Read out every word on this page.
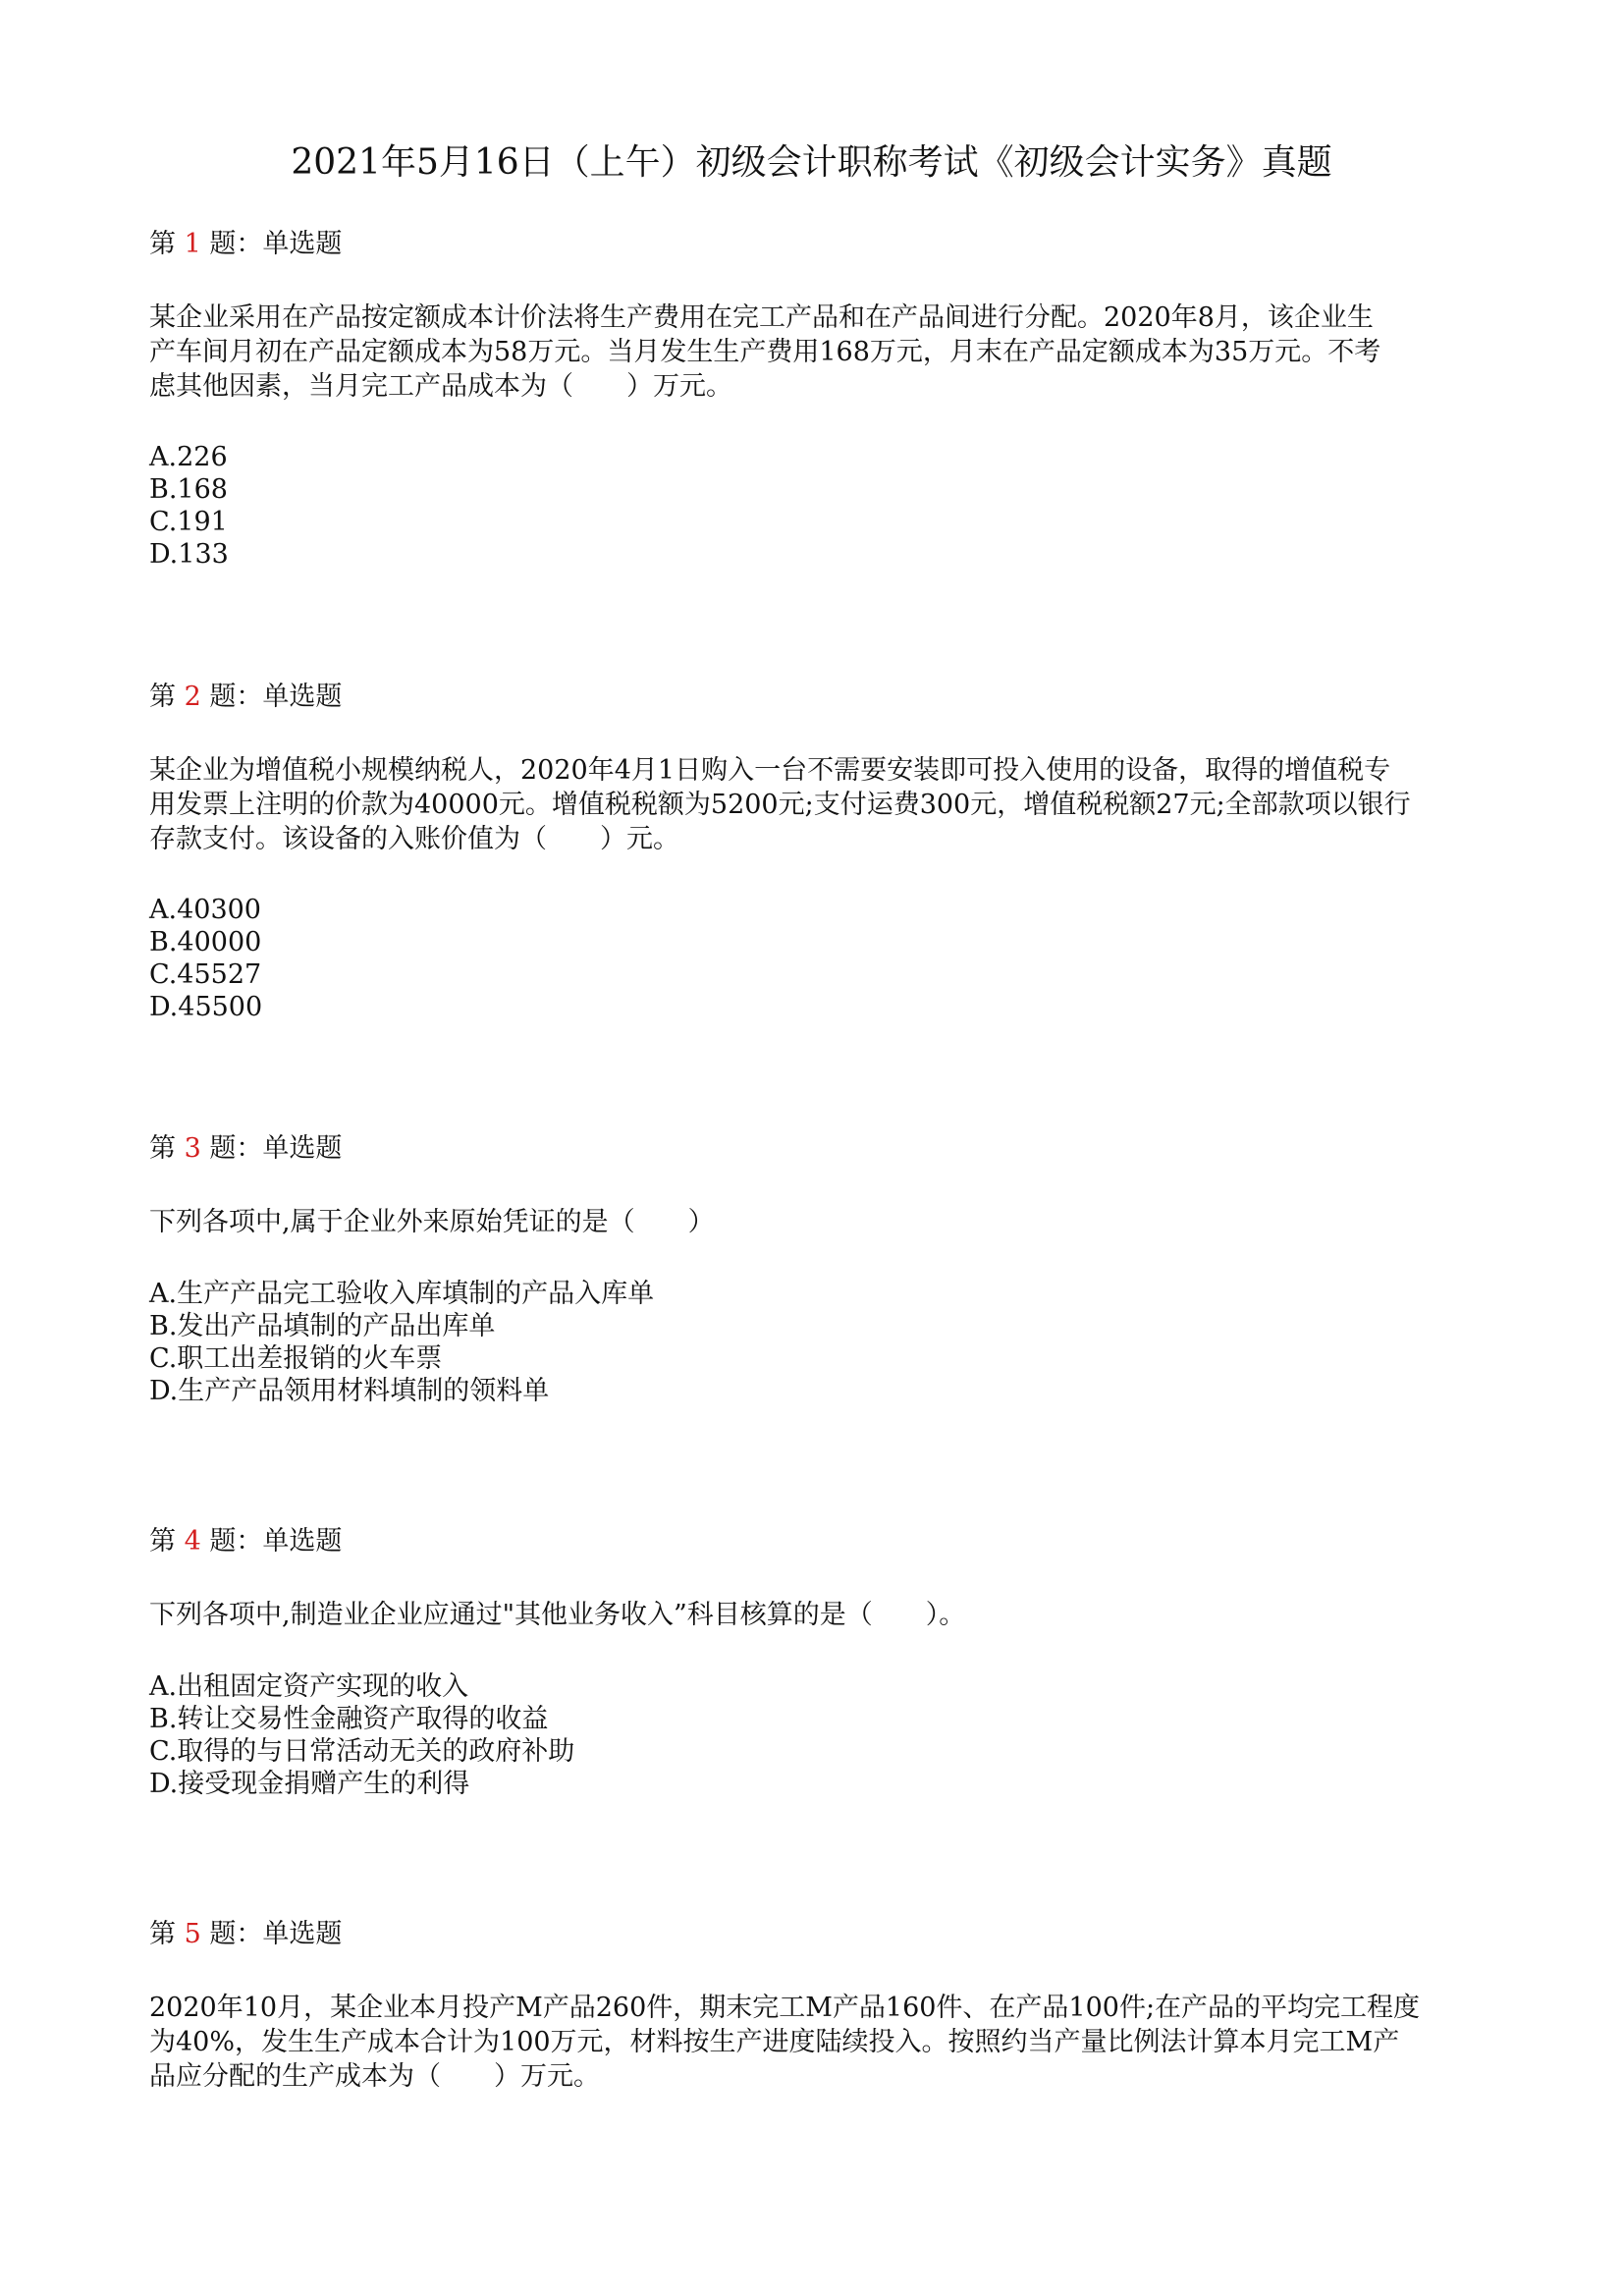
2021年5月16日（上午）初级会计职称考试《初级会计实务》真题
第 1 题：单选题
某企业采用在产品按定额成本计价法将生产费用在完工产品和在产品间进行分配。2020年8月，该企业生
产车间月初在产品定额成本为58万元。当月发生生产费用168万元，月末在产品定额成本为35万元。不考
虑其他因素，当月完工产品成本为（　　）万元。
A.226
B.168
C.191
D.133
第 2 题：单选题
某企业为增值税小规模纳税人，2020年4月1日购入一台不需要安装即可投入使用的设备，取得的增值税专
用发票上注明的价款为40000元。增值税税额为5200元;支付运费300元，增值税税额27元;全部款项以银行
存款支付。该设备的入账价值为（　　）元。
A.40300
B.40000
C.45527
D.45500
第 3 题：单选题
下列各项中,属于企业外来原始凭证的是（　　）
A.生产产品完工验收入库填制的产品入库单
B.发出产品填制的产品出库单
C.职工出差报销的火车票
D.生产产品领用材料填制的领料单
第 4 题：单选题
下列各项中,制造业企业应通过"其他业务收入”科目核算的是（　　）。
A.出租固定资产实现的收入
B.转让交易性金融资产取得的收益
C.取得的与日常活动无关的政府补助
D.接受现金捐赠产生的利得
第 5 题：单选题
2020年10月，某企业本月投产M产品260件，期末完工M产品160件、在产品100件;在产品的平均完工程度
为40%，发生生产成本合计为100万元，材料按生产进度陆续投入。按照约当产量比例法计算本月完工M产
品应分配的生产成本为（　　）万元。
